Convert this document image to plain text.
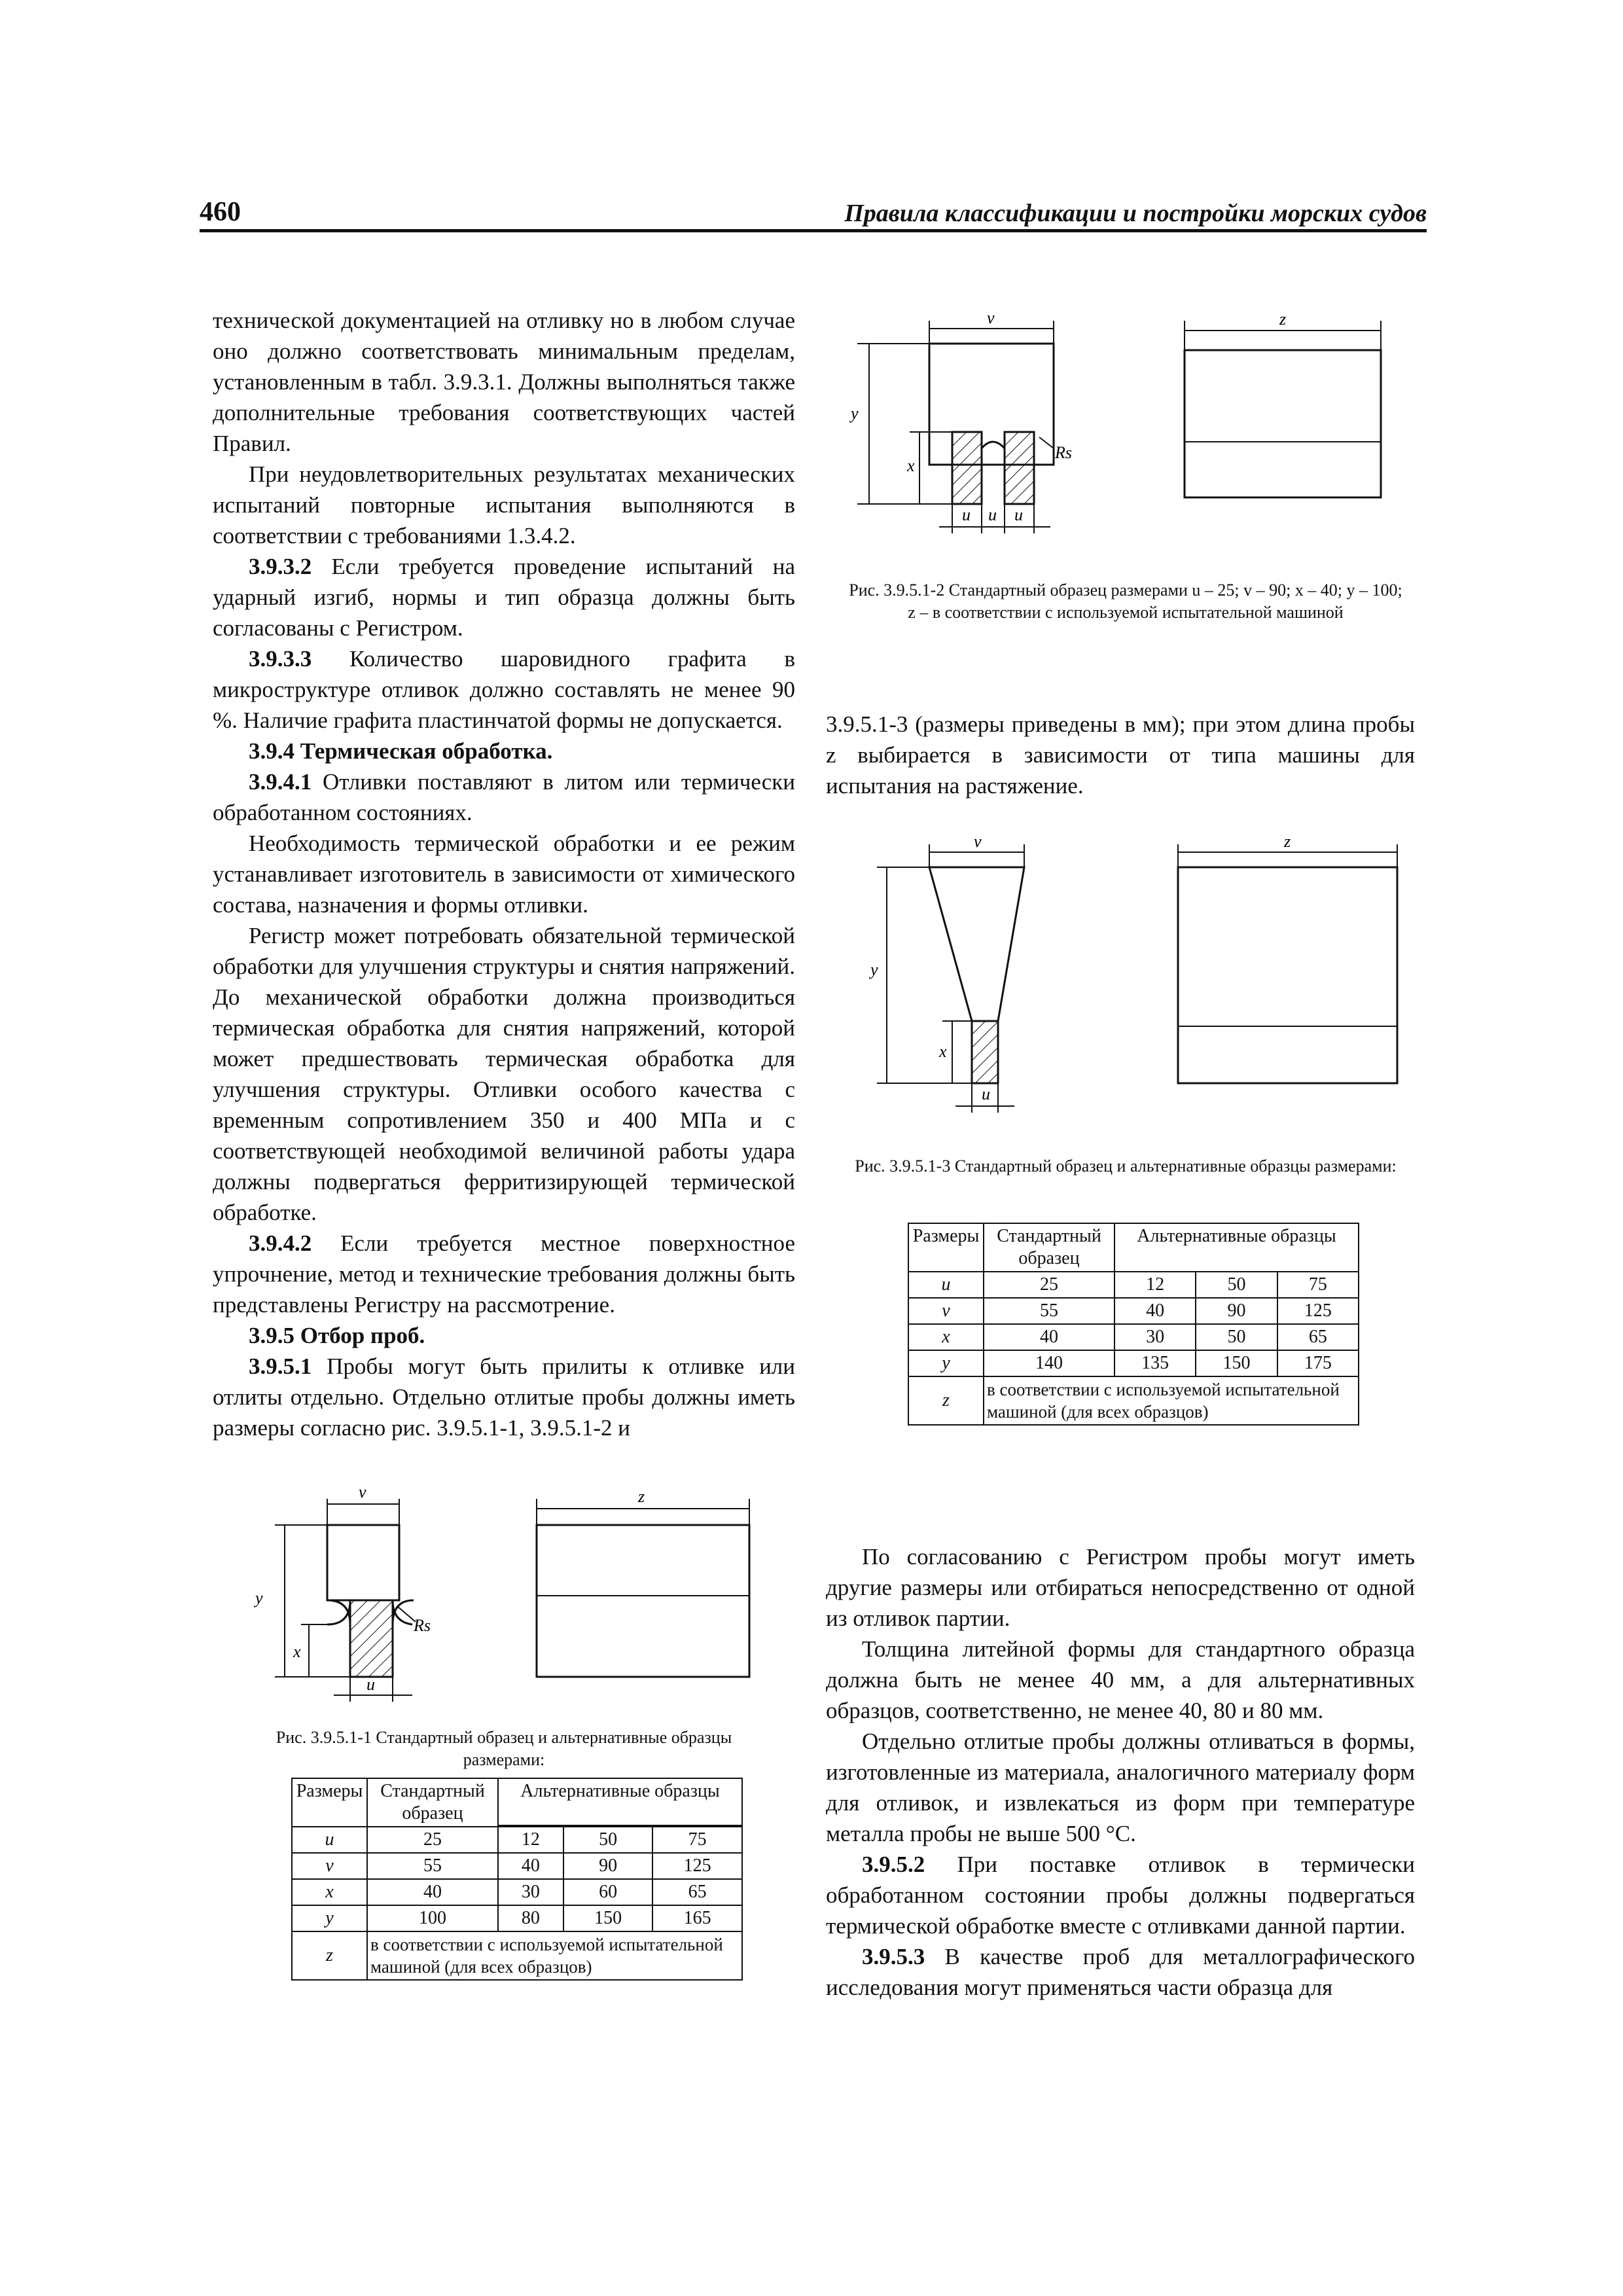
460	Правила классификации и постройки морских судов

технической документацией на отливку но в любом случае оно должно соответствовать минимальным пределам, установленным в табл. 3.9.3.1. Должны выполняться также дополнительные требования соответствующих частей Правил.

При неудовлетворительных результатах механических испытаний повторные испытания выполняются в соответствии с требованиями 1.3.4.2.

3.9.3.2 Если требуется проведение испытаний на ударный изгиб, нормы и тип образца должны быть согласованы с Регистром.

3.9.3.3 Количество шаровидного графита в микроструктуре отливок должно составлять не менее 90 %. Наличие графита пластинчатой формы не допускается.

3.9.4 Термическая обработка.

3.9.4.1 Отливки поставляют в литом или термически обработанном состояниях.

Необходимость термической обработки и ее режим устанавливает изготовитель в зависимости от химического состава, назначения и формы отливки.

Регистр может потребовать обязательной термической обработки для улучшения структуры и снятия напряжений. До механической обработки должна производиться термическая обработка для снятия напряжений, которой может предшествовать термическая обработка для улучшения структуры. Отливки особого качества с временным сопротивлением 350 и 400 МПа и с соответствующей необходимой величиной работы удара должны подвергаться ферритизирующей термической обработке.

3.9.4.2 Если требуется местное поверхностное упрочнение, метод и технические требования должны быть представлены Регистру на рассмотрение.

3.9.5 Отбор проб.

3.9.5.1 Пробы могут быть прилиты к отливке или отлиты отдельно. Отдельно отлитые пробы должны иметь размеры согласно рис. 3.9.5.1-1, 3.9.5.1-2 и

v
y
x
u
Rs
z
Рис. 3.9.5.1-1 Стандартный образец и альтернативные образцы размерами:
Размеры	Стандартный образец	Альтернативные образцы		

u	25	12	50	75
v	55	40	90	125
x	40	30	60	65
y	100	80	150	165
z	в соответствии с используемой испытательной машиной (для всех образцов)			
v
y
x
u u u
Rs
z
Рис. 3.9.5.1-2 Стандартный образец размерами u – 25; v – 90; x – 40; y – 100; z – в соответствии с используемой испытательной машиной

3.9.5.1-3 (размеры приведены в мм); при этом длина пробы z выбирается в зависимости от типа машины для испытания на растяжение.

v
y
x
u
z
Рис. 3.9.5.1-3 Стандартный образец и альтернативные образцы размерами:
Размеры	Стандартный образец	Альтернативные образцы		
u	25	12	50	75
v	55	40	90	125
x	40	30	50	65
y	140	135	150	175
z	в соответствии с используемой испытательной машиной (для всех образцов)			

По согласованию с Регистром пробы могут иметь другие размеры или отбираться непосредственно от одной из отливок партии.

Толщина литейной формы для стандартного образца должна быть не менее 40 мм, а для альтернативных образцов, соответственно, не менее 40, 80 и 80 мм.

Отдельно отлитые пробы должны отливаться в формы, изготовленные из материала, аналогичного материалу форм для отливок, и извлекаться из форм при температуре металла пробы не выше 500 °C.

3.9.5.2 При поставке отливок в термически обработанном состоянии пробы должны подвергаться термической обработке вместе с отливками данной партии.

3.9.5.3 В качестве проб для металлографического исследования могут применяться части образца для
